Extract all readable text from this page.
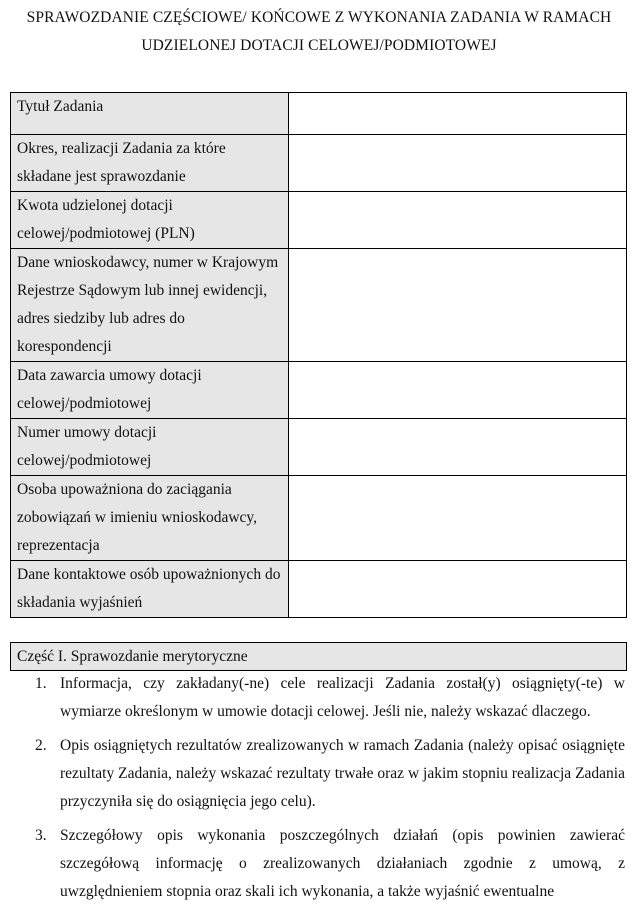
SPRAWOZDANIE CZĘŚCIOWE/ KOŃCOWE Z WYKONANIA ZADANIA W RAMACH
UDZIELONEJ DOTACJI CELOWEJ/PODMIOTOWEJ
Tytuł Zadania	
Okres, realizacji Zadania za które składane jest sprawozdanie	
Kwota udzielonej dotacji celowej/podmiotowej (PLN)	
Dane wnioskodawcy, numer w Krajowym Rejestrze Sądowym lub innej ewidencji, adres siedziby lub adres do korespondencji	
Data zawarcia umowy dotacji celowej/podmiotowej	
Numer umowy dotacji celowej/podmiotowej	
Osoba upoważniona do zaciągania zobowiązań w imieniu wnioskodawcy, reprezentacja	
Dane kontaktowe osób upoważnionych do składania wyjaśnień	
Część I. Sprawozdanie merytoryczne
1. Informacja, czy zakładany(-ne) cele realizacji Zadania został(y) osiągnięty(-te) w wymiarze określonym w umowie dotacji celowej. Jeśli nie, należy wskazać dlaczego.
2. Opis osiągniętych rezultatów zrealizowanych w ramach Zadania (należy opisać osiągnięte rezultaty Zadania, należy wskazać rezultaty trwałe oraz w jakim stopniu realizacja Zadania przyczyniła się do osiągnięcia jego celu).
3. Szczegółowy opis wykonania poszczególnych działań (opis powinien zawierać szczegółową informację o zrealizowanych działaniach zgodnie z umową, z uwzględnieniem stopnia oraz skali ich wykonania, a także wyjaśnić ewentualne
